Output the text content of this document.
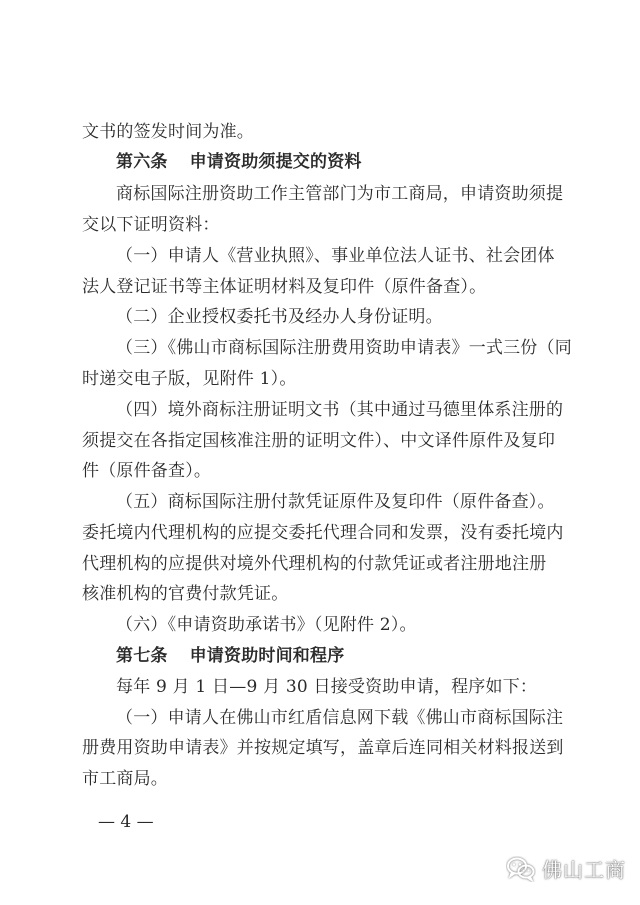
文书的签发时间为准。
第六条 申请资助须提交的资料
商标国际注册资助工作主管部门为市工商局，申请资助须提
交以下证明资料：
（一）申请人《营业执照》、事业单位法人证书、社会团体
法人登记证书等主体证明材料及复印件（原件备查）。
（二）企业授权委托书及经办人身份证明。
（三）《佛山市商标国际注册费用资助申请表》一式三份（同
时递交电子版，见附件 1）。
（四）境外商标注册证明文书（其中通过马德里体系注册的
须提交在各指定国核准注册的证明文件）、中文译件原件及复印
件（原件备查）。
（五）商标国际注册付款凭证原件及复印件（原件备查）。
委托境内代理机构的应提交委托代理合同和发票，没有委托境内
代理机构的应提供对境外代理机构的付款凭证或者注册地注册
核准机构的官费付款凭证。
（六）《申请资助承诺书》（见附件 2）。
第七条 申请资助时间和程序
每年 9 月 1 日—9 月 30 日接受资助申请，程序如下：
（一）申请人在佛山市红盾信息网下载《佛山市商标国际注
册费用资助申请表》并按规定填写，盖章后连同相关材料报送到
市工商局。
— 4 —
佛山工商
